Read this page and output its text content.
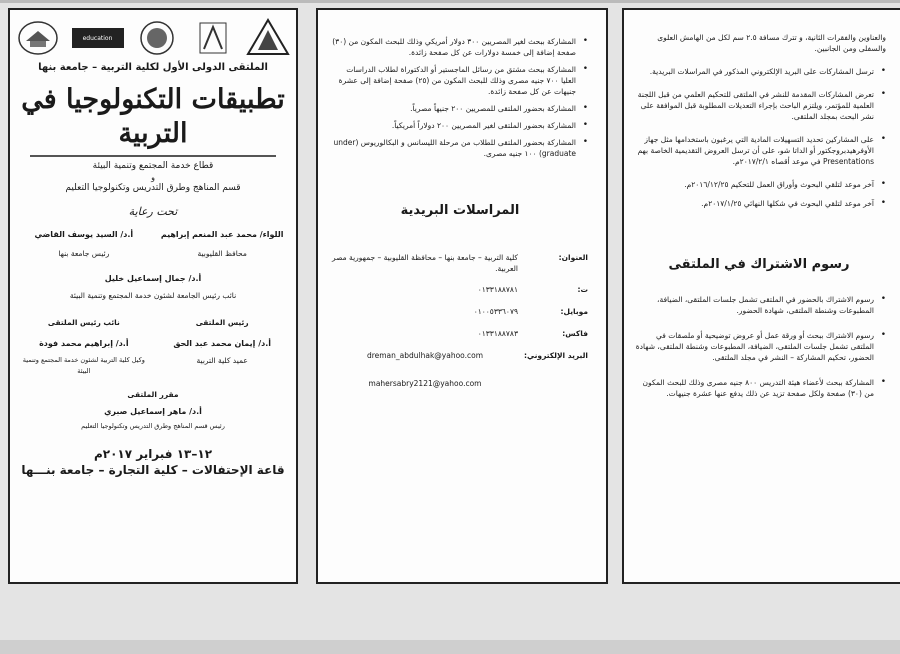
education
الملتقى الدولى الأول لكلية التربية – جامعة بنها
تطبيقات التكنولوجيا في التربية
قطاع خدمة المجتمع وتنمية البيئة
و
قسم المناهج وطرق التدريس وتكنولوجيا التعليم
تحت رعاية
اللواء/ محمد عبد المنعم إبراهيم
محافظ القليوبية
أ.د/ السيد يوسف القاضي
رئيس جامعة بنها
أ.د/ جمال إسماعيل خليل
نائب رئيس الجامعة لشئون خدمة المجتمع وتنمية البيئة
رئيس الملتقى
أ.د/ إيمان محمد عبد الحق
عميد كلية التربية
نائب رئيس الملتقى
أ.د/ إبراهيم محمد فودة
وكيل كلية التربية لشئون خدمة المجتمع وتنمية البيئة
مقرر الملتقى
أ.د/ ماهر إسماعيل صبري
رئيس قسم المناهج وطرق التدريس وتكنولوجيا التعليم
١٢–١٣ فبراير ٢٠١٧م
قاعة الإحتفالات – كلية التجارة – جامعة بنـــها
• المشاركة ببحث لغير المصريين ٣٠٠ دولار أمريكي وذلك للبحث المكون من (٣٠) صفحة إضافة إلى خمسة دولارات عن كل صفحة زائدة.
• المشاركة ببحث مشتق من رسائل الماجستير أو الدكتوراة لطلاب الدراسات العليا ٧٠٠ جنيه مصرى وذلك للبحث المكون من (٢٥) صفحة إضافة إلى عشرة جنيهات عن كل صفحة زائدة.
• المشاركة بحضور الملتقى للمصريين ٢٠٠ جنيهاً مصرياً.
• المشاركة بحضور الملتقى لغير المصريين ٢٠٠ دولاراً أمريكياً.
• المشاركة بحضور الملتقى للطلاب من مرحلة الليسانس و البكالوريوس (under graduate) ١٠٠ جنيه مصرى.
المراسلات البريدية
العنوان:
كلية التربية – جامعة بنها – محافظة القليوبية – جمهورية مصر العربية.
ت:
٠١٣٣١٨٨٧٨١
موبايل:
٠١٠٠٥٣٣٦٠٧٩
فاكس:
٠١٣٣١٨٨٧٨٣
البريد الإلكتروني:
dreman_abdulhak@yahoo.com
mahersabry2121@yahoo.com
والعناوين والفقرات الثانية، و تترك مسافة ٢.٥ سم لكل من الهامش العلوى والسفلى ومن الجانبين.
• ترسل المشاركات على البريد الإلكتروني المذكور في المراسلات البريدية.
• تعرض المشاركات المقدمة للنشر في الملتقى للتحكيم العلمي من قبل اللجنة العلمية للمؤتمر، ويلتزم الباحث بإجراء التعديلات المطلوبة قبل الموافقة على نشر البحث بمجلد الملتقى.
• على المشاركين تحديد التسهيلات المادية التي يرغبون باستخدامها مثل جهاز الأوفرهيدبروجكتور أو الداتا شو، على أن ترسل العروض التقديمية الخاصة بهم Presentations في موعد أقصاه ٢٠١٧/٢/١م.
• آخر موعد لتلقي البحوث وأوراق العمل للتحكيم ٢٠١٦/١٢/٢٥م.
• آخر موعد لتلقي البحوث في شكلها النهائي ٢٠١٧/١/٢٥م.
رسوم الاشتراك في الملتقى
• رسوم الاشتراك بالحضور في الملتقى تشمل جلسات الملتقى، الضيافة، المطبوعات وشنطة الملتقى، شهادة الحضور.
• رسوم الاشتراك ببحث أو ورقة عمل أو عروض توضيحية أو ملصقات في الملتقى تشمل جلسات الملتقى، الضيافة، المطبوعات وشنطة الملتقى، شهادة الحضور، تحكيم المشاركة – النشر في مجلد الملتقى.
• المشاركة ببحث لأعضاء هيئة التدريس ٨٠٠ جنيه مصرى وذلك للبحث المكون من (٣٠) صفحة ولكل صفحة تزيد عن ذلك يدفع عنها عشرة جنيهات.
